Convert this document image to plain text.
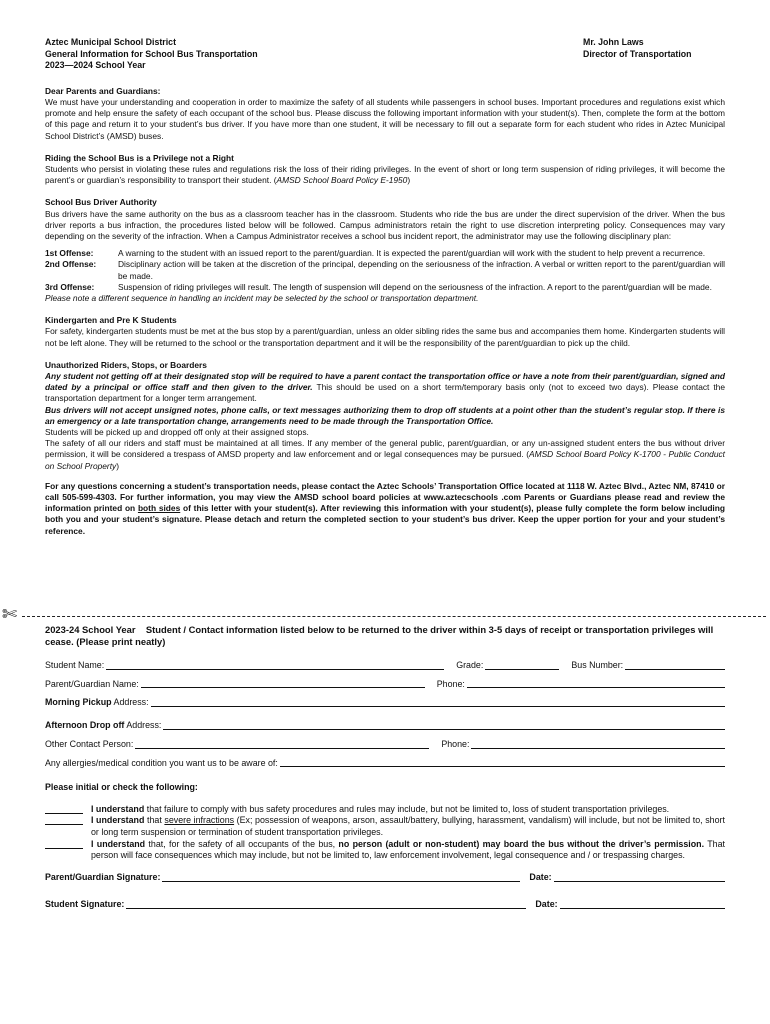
Aztec Municipal School District
General Information for School Bus Transportation
2023—2024 School Year
Mr. John Laws
Director of Transportation
Dear Parents and Guardians:

We must have your understanding and cooperation in order to maximize the safety of all students while passengers in school buses. Important procedures and regulations exist which promote and help ensure the safety of each occupant of the school bus. Please discuss the following important information with your student(s). Then, complete the form at the bottom of this page and return it to your student’s bus driver. If you have more than one student, it will be necessary to fill out a separate form for each student who rides in Aztec Municipal School District’s (AMSD) buses.

Riding the School Bus is a Privilege not a Right

Students who persist in violating these rules and regulations risk the loss of their riding privileges. In the event of short or long term suspension of riding privileges, it will become the parent’s or guardian’s responsibility to transport their student. (AMSD School Board Policy E-1950)

School Bus Driver Authority

Bus drivers have the same authority on the bus as a classroom teacher has in the classroom. Students who ride the bus are under the direct supervision of the driver. When the bus driver reports a bus infraction, the procedures listed below will be followed. Campus administrators retain the right to use discretion interpreting policy. Consequences may vary depending on the severity of the infraction. When a Campus Administrator receives a school bus incident report, the administrator may use the following disciplinary plan:

1st Offense:	A warning to the student with an issued report to the parent/guardian. It is expected the parent/guardian will work with the student to help prevent a recurrence.
2nd Offense:	Disciplinary action will be taken at the discretion of the principal, depending on the seriousness of the infraction. A verbal or written report to the parent/guardian will be made.
3rd Offense:	Suspension of riding privileges will result. The length of suspension will depend on the seriousness of the infraction. A report to the parent/guardian will be made.

Please note a different sequence in handling an incident may be selected by the school or transportation department.

Kindergarten and Pre K Students

For safety, kindergarten students must be met at the bus stop by a parent/guardian, unless an older sibling rides the same bus and accompanies them home. Kindergarten students will not be left alone. They will be returned to the school or the transportation department and it will be the responsibility of the parent/guardian to pick up the child.

Unauthorized Riders, Stops, or Boarders

Any student not getting off at their designated stop will be required to have a parent contact the transportation office or have a note from their parent/guardian, signed and dated by a principal or office staff and then given to the driver. This should be used on a short term/temporary basis only (not to exceed two days). Please contact the transportation department for a longer term arrangement.

Bus drivers will not accept unsigned notes, phone calls, or text messages authorizing them to drop off students at a point other than the student’s regular stop. If there is an emergency or a late transportation change, arrangements need to be made through the Transportation Office.

Students will be picked up and dropped off only at their assigned stops.

The safety of all our riders and staff must be maintained at all times. If any member of the general public, parent/guardian, or any un-assigned student enters the bus without driver permission, it will be considered a trespass of AMSD property and law enforcement and or legal consequences may be pursued. (AMSD School Board Policy K-1700 - Public Conduct on School Property)

For any questions concerning a student’s transportation needs, please contact the Aztec Schools’ Transportation Office located at 1118 W. Aztec Blvd., Aztec NM, 87410 or call 505-599-4303. For further information, you may view the AMSD school board policies at www.aztecschools .com Parents or Guardians please read and review the information printed on both sides of this letter with your student(s). After reviewing this information with your student(s), please fully complete the form below including both you and your student’s signature. Please detach and return the completed section to your student’s bus driver. Keep the upper portion for your and your student’s reference.

✄
2023-24 School Year    Student / Contact information listed below to be returned to the driver within 3-5 days of receipt or transportation privileges will cease. (Please print neatly)
Student Name:	Grade:	Bus Number:
Parent/Guardian Name:	Phone:
Morning Pickup Address:
Afternoon Drop off Address:
Other Contact Person:	Phone:
Any allergies/medical condition you want us to be aware of:
Please initial or check the following:
I understand that failure to comply with bus safety procedures and rules may include, but not be limited to, loss of student transportation privileges.
I understand that severe infractions (Ex; possession of weapons, arson, assault/battery, bullying, harassment, vandalism) will include, but not be limited to, short or long term suspension or termination of student transportation privileges.
I understand that, for the safety of all occupants of the bus, no person (adult or non-student) may board the bus without the driver’s permission. That person will face consequences which may include, but not be limited to, law enforcement involvement, legal consequence and / or trespassing charges.
Parent/Guardian Signature:	Date:
Student Signature:	Date:
